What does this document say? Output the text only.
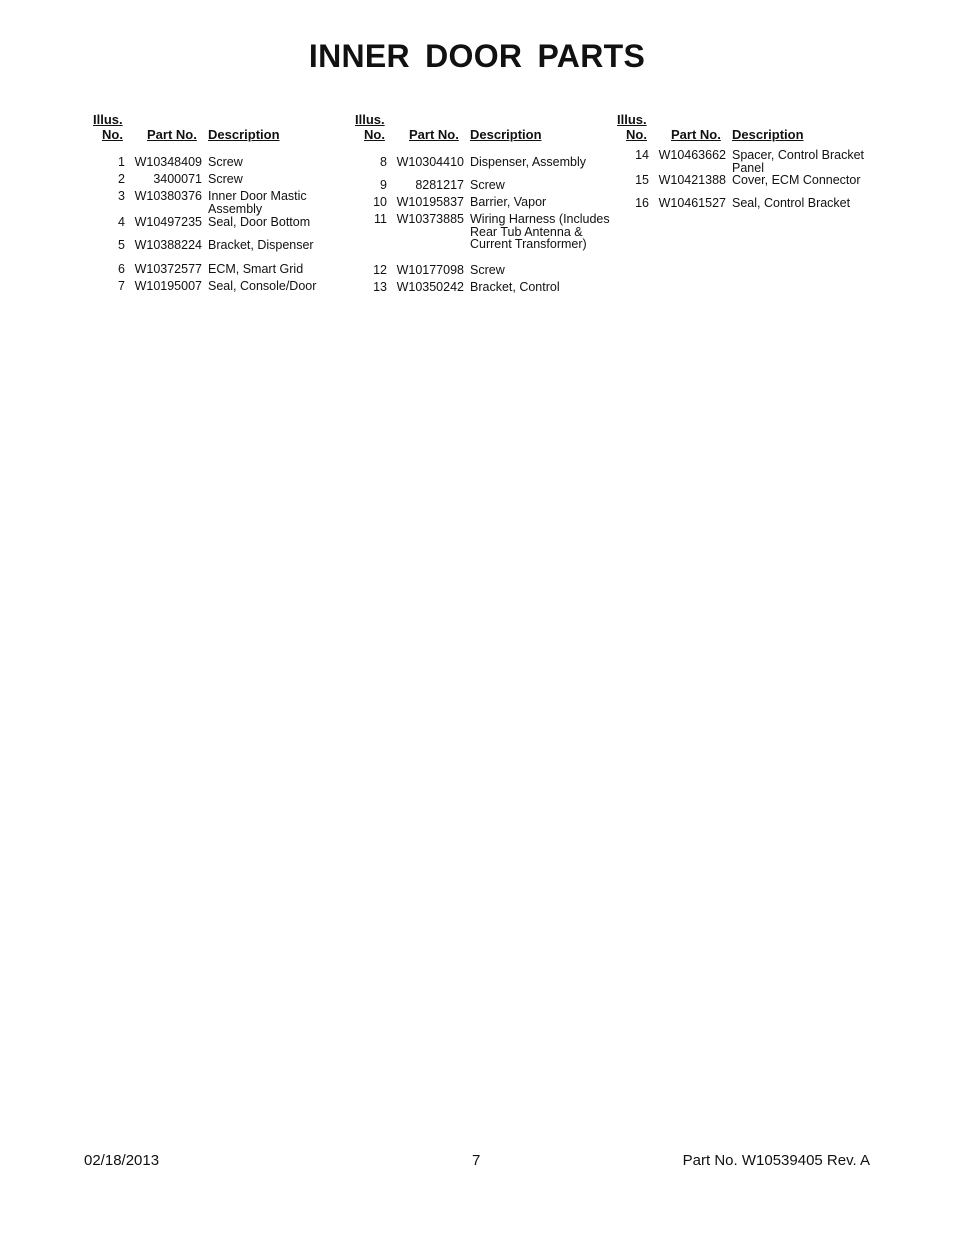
INNER DOOR PARTS
Illus.
No. Part No. Description
1 W10348409 Screw
2	3400071 Screw
3 W10380376 Inner Door Mastic Assembly
4 W10497235 Seal, Door Bottom
5 W10388224 Bracket, Dispenser
6 W10372577 ECM, Smart Grid
7 W10195007 Seal, Console/Door
Illus.
No. Part No. Description
8 W10304410 Dispenser, Assembly
9	8281217 Screw
10 W10195837 Barrier, Vapor
11 W10373885 Wiring Harness (Includes Rear Tub Antenna & Current Transformer)
12 W10177098 Screw
13 W10350242 Bracket, Control
Illus.
No. Part No. Description
14 W10463662 Spacer, Control Bracket Panel
15 W10421388 Cover, ECM Connector
16 W10461527 Seal, Control Bracket
02/18/2013	7	Part No. W10539405 Rev. A
